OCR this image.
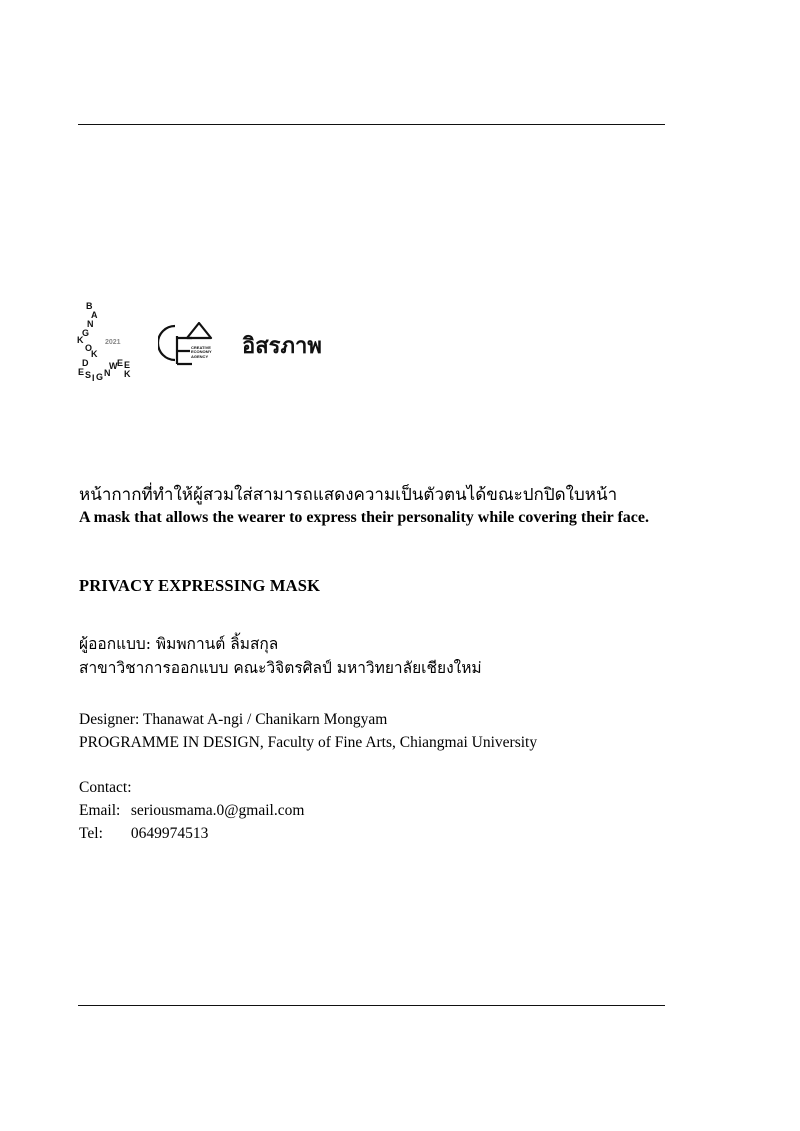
B
A
N
G
K
O
K
2021
D
E S I G N
W E E
K
CREATIVE
ECONOMY
AGENCY อิสรภาพ
หน้ากากที่ทำให้ผู้สวมใส่สามารถแสดงความเป็นตัวตนได้ขณะปกปิดใบหน้า
A mask that allows the wearer to express their personality while covering their face.
PRIVACY EXPRESSING MASK
ผู้ออกแบบ: พิมพกานต์ ลิ้มสกุล
สาขาวิชาการออกแบบ คณะวิจิตรศิลป์ มหาวิทยาลัยเชียงใหม่
Designer: Thanawat A-ngi / Chanikarn Mongyam
PROGRAMME IN DESIGN, Faculty of Fine Arts, Chiangmai University
Contact:
Email: seriousmama.0@gmail.com
Tel: 0649974513
